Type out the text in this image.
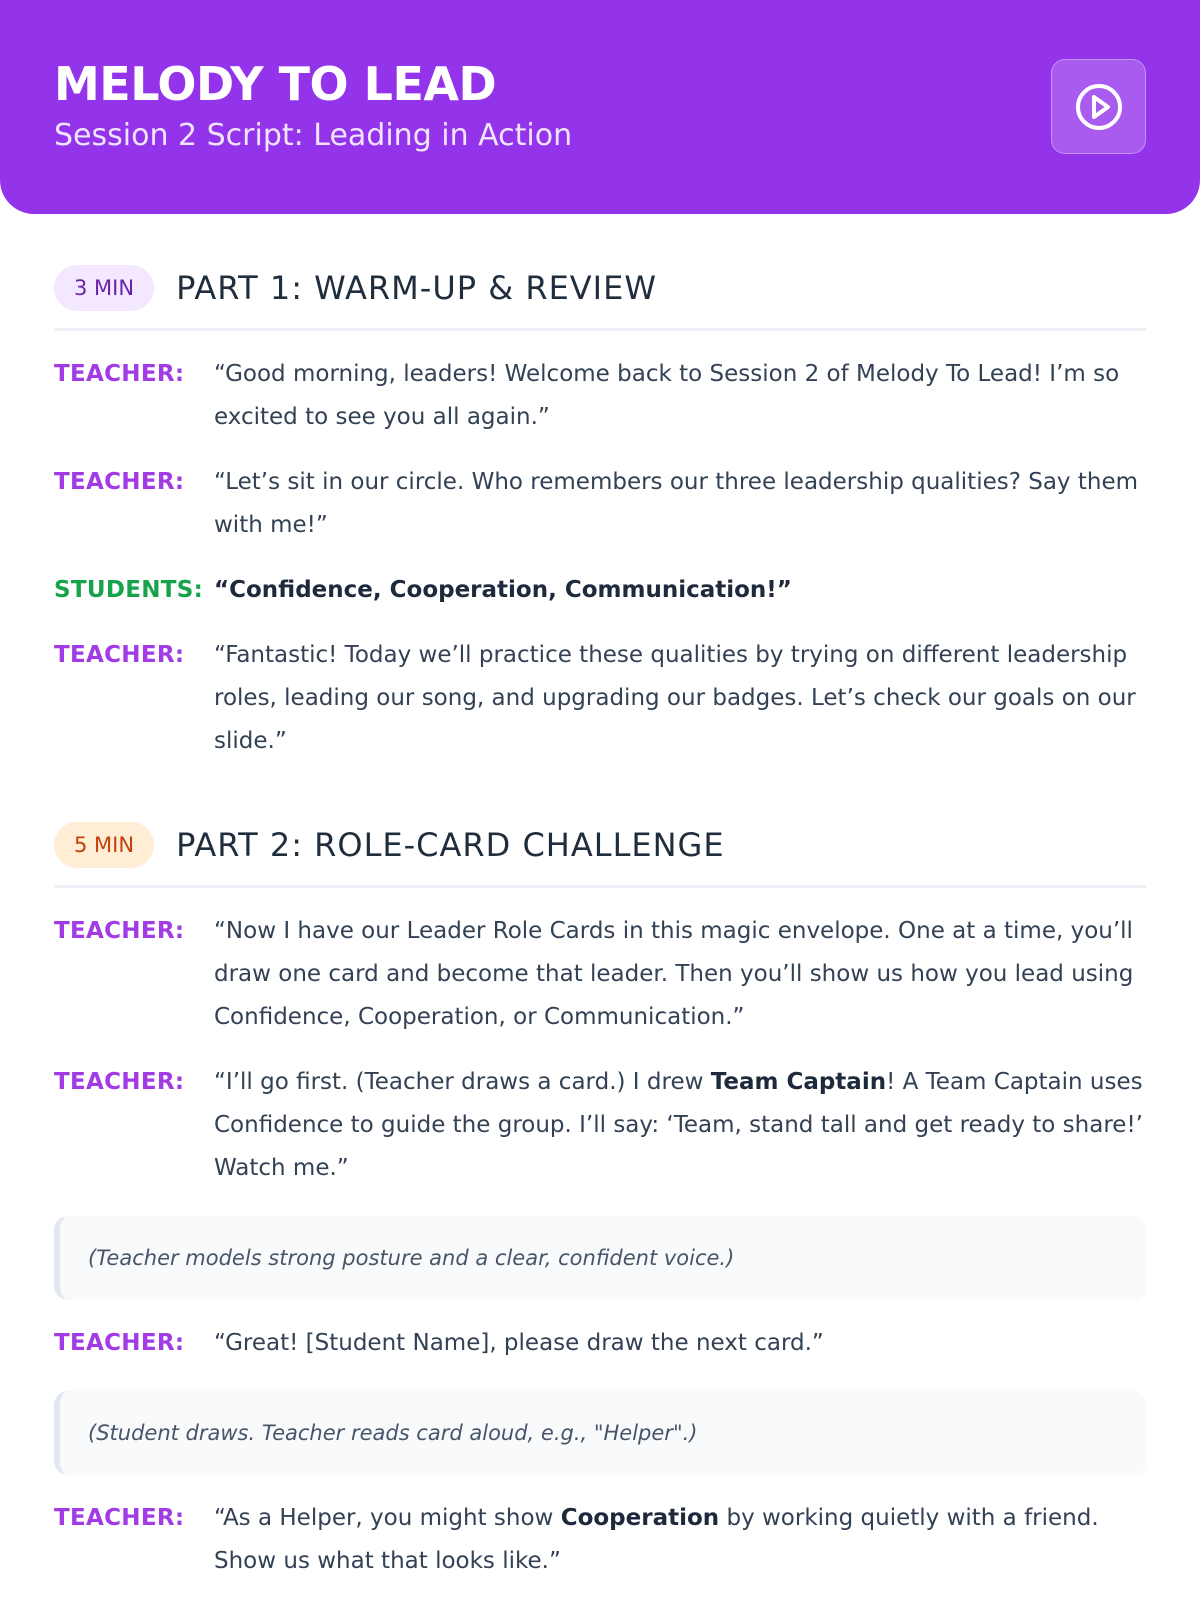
MELODY TO LEAD

Session 2 Script: Leading in Action

3 MIN	PART 1: WARM-UP & REVIEW
TEACHER:	“Good morning, leaders! Welcome back to Session 2 of Melody To Lead! I’m so excited to see you all again.”
TEACHER:	“Let’s sit in our circle. Who remembers our three leadership qualities? Say them with me!”
STUDENTS: “Confidence, Cooperation, Communication!”
TEACHER:	“Fantastic! Today we’ll practice these qualities by trying on different leadership roles, leading our song, and upgrading our badges. Let’s check our goals on our slide.”
5 MIN	PART 2: ROLE-CARD CHALLENGE
TEACHER:	“Now I have our Leader Role Cards in this magic envelope. One at a time, you’ll draw one card and become that leader. Then you’ll show us how you lead using Confidence, Cooperation, or Communication.”
TEACHER:	“I’ll go first. (Teacher draws a card.) I drew Team Captain! A Team Captain uses Confidence to guide the group. I’ll say: ‘Team, stand tall and get ready to share!’ Watch me.”
(Teacher models strong posture and a clear, confident voice.)
TEACHER:	“Great! [Student Name], please draw the next card.”
(Student draws. Teacher reads card aloud, e.g., "Helper".)
TEACHER:	“As a Helper, you might show Cooperation by working quietly with a friend. Show us what that looks like.”
